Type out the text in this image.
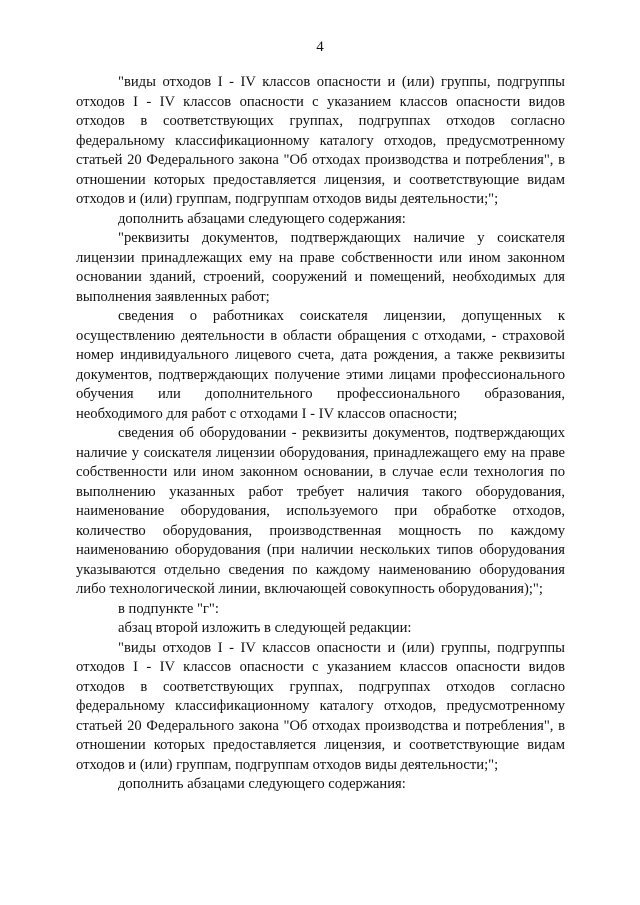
4

"виды отходов I - IV классов опасности и (или) группы, подгруппы отходов I - IV классов опасности с указанием классов опасности видов отходов в соответствующих группах, подгруппах отходов согласно федеральному классификационному каталогу отходов, предусмотренному статьей 20 Федерального закона "Об отходах производства и потребления", в отношении которых предоставляется лицензия, и соответствующие видам отходов и (или) группам, подгруппам отходов виды деятельности;";

дополнить абзацами следующего содержания:

"реквизиты документов, подтверждающих наличие у соискателя лицензии принадлежащих ему на праве собственности или ином законном основании зданий, строений, сооружений и помещений, необходимых для выполнения заявленных работ;

сведения о работниках соискателя лицензии, допущенных к осуществлению деятельности в области обращения с отходами, - страховой номер индивидуального лицевого счета, дата рождения, а также реквизиты документов, подтверждающих получение этими лицами профессионального обучения или дополнительного профессионального образования, необходимого для работ с отходами I - IV классов опасности;

сведения об оборудовании - реквизиты документов, подтверждающих наличие у соискателя лицензии оборудования, принадлежащего ему на праве собственности или ином законном основании, в случае если технология по выполнению указанных работ требует наличия такого оборудования, наименование оборудования, используемого при обработке отходов, количество оборудования, производственная мощность по каждому наименованию оборудования (при наличии нескольких типов оборудования указываются отдельно сведения по каждому наименованию оборудования либо технологической линии, включающей совокупность оборудования);";

в подпункте "г":

абзац второй изложить в следующей редакции:

"виды отходов I - IV классов опасности и (или) группы, подгруппы отходов I - IV классов опасности с указанием классов опасности видов отходов в соответствующих группах, подгруппах отходов согласно федеральному классификационному каталогу отходов, предусмотренному статьей 20 Федерального закона "Об отходах производства и потребления", в отношении которых предоставляется лицензия, и соответствующие видам отходов и (или) группам, подгруппам отходов виды деятельности;";

дополнить абзацами следующего содержания:
